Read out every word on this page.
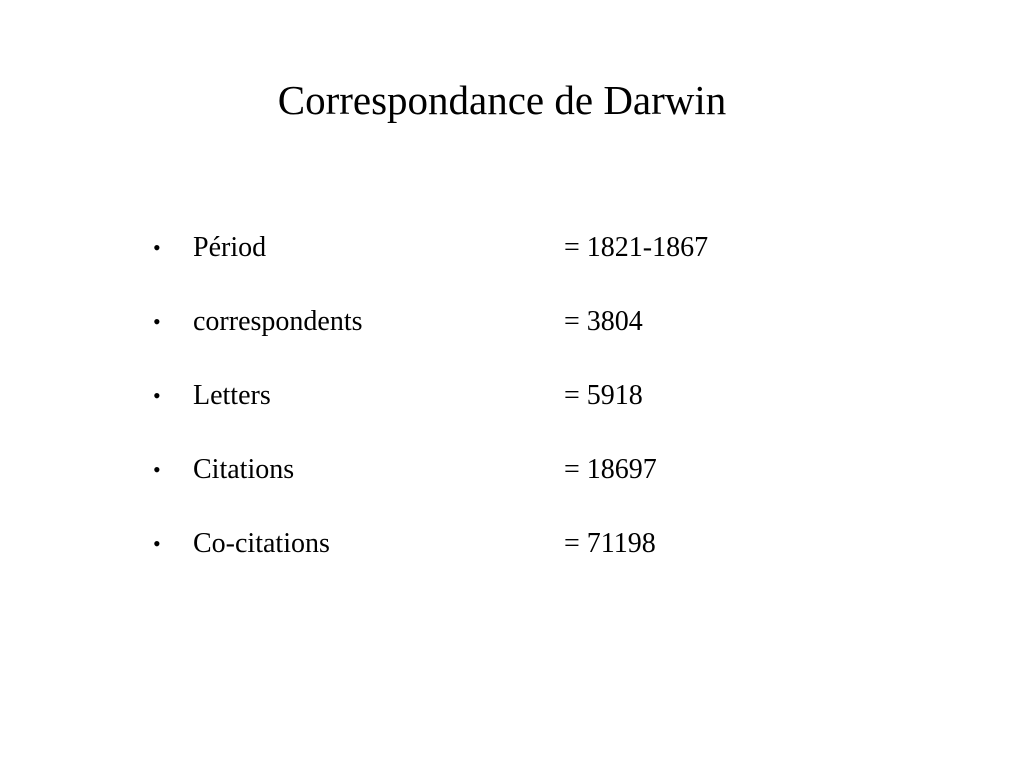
Correspondance de Darwin
•	Périod	= 1821-1867
•	correspondents	= 3804
•	Letters	= 5918
•	Citations	= 18697
•	Co-citations	= 71198
